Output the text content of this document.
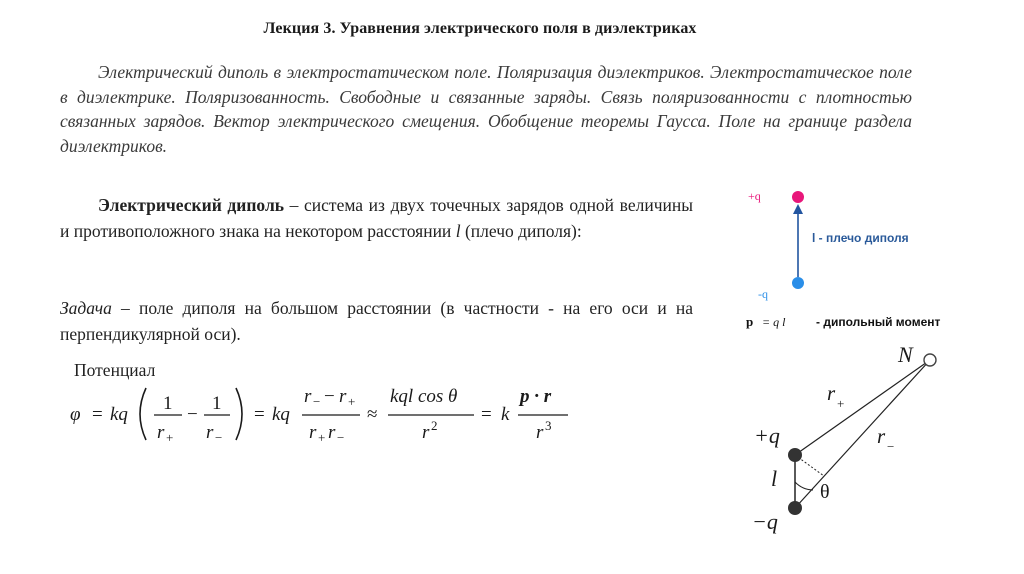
Лекция 3. Уравнения электрического поля в диэлектриках
Электрический диполь в электростатическом поле. Поляризация диэлектриков. Электростатическое поле в диэлектрике. Поляризованность. Свободные и связанные заряды. Связь поляризованности с плотностью связанных зарядов. Вектор электрического смещения. Обобщение теоремы Гаусса. Поле на границе раздела диэлектриков.
Электрический диполь – система из двух точечных зарядов одной величины и противоположного знака на некотором расстоянии l (плечо диполя):
Задача – поле диполя на большом расстоянии (в частности - на его оси и на перпендикулярной оси).
Потенциал
φ = kq
1
r +
−
1
r −
= kq
r − − r +
r + r −
≈
kql cos θ
r 2
= k
p · r
r 3
+q
-q
l - плечо диполя
p = q l	- дипольный момент
N
r +
r −
+q
l
θ
−q
